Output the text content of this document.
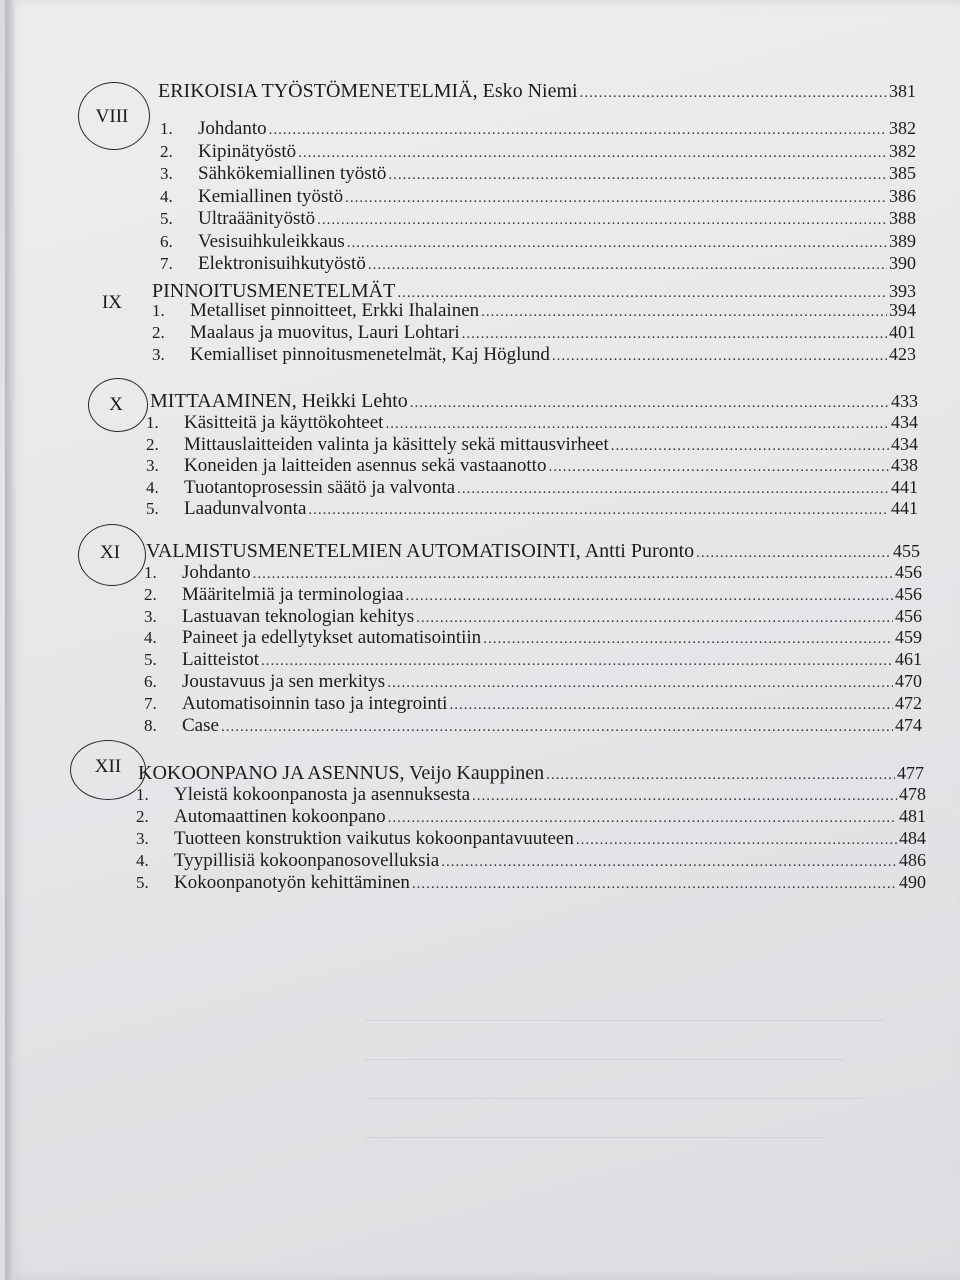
VIII
ERIKOISIA TYÖSTÖMENETELMIÄ, Esko Niemi .....	381
1.	Johdanto .....	382
2.	Kipinätyöstö .....	382
3.	Sähkökemiallinen työstö .....	385
4.	Kemiallinen työstö .....	386
5.	Ultraäänityöstö .....	388
6.	Vesisuihkuleikkaus .....	389
7.	Elektronisuihkutyöstö .....	390
IX
PINNOITUSMENETELMÄT .....	393
1.	Metalliset pinnoitteet, Erkki Ihalainen .....	394
2.	Maalaus ja muovitus, Lauri Lohtari .....	401
3.	Kemialliset pinnoitusmenetelmät, Kaj Höglund .....	423
X	MITTAAMINEN, Heikki Lehto .....	433
1.	Käsitteitä ja käyttökohteet .....	434
2.	Mittauslaitteiden valinta ja käsittely sekä mittausvirheet .....	434
3.	Koneiden ja laitteiden asennus sekä vastaanotto .....	438
4.	Tuotantoprosessin säätö ja valvonta .....	441
5.	Laadunvalvonta .....	441
XI	VALMISTUSMENETELMIEN AUTOMATISOINTI, Antti Puronto .....	455
1.	Johdanto .....	456
2.	Määritelmiä ja terminologiaa .....	456
3.	Lastuavan teknologian kehitys .....	456
4.	Paineet ja edellytykset automatisointiin .....	459
5.	Laitteistot .....	461
6.	Joustavuus ja sen merkitys .....	470
7.	Automatisoinnin taso ja integrointi .....	472
8.	Case .....	474
XII KOKOONPANO JA ASENNUS, Veijo Kauppinen .....	477
1.	Yleistä kokoonpanosta ja asennuksesta .....	478
2.	Automaattinen kokoonpano .....	481
3.	Tuotteen konstruktion vaikutus kokoonpantavuuteen .....	484
4.	Tyypillisiä kokoonpanosovelluksia .....	486
5.	Kokoonpanotyön kehittäminen .....	490
